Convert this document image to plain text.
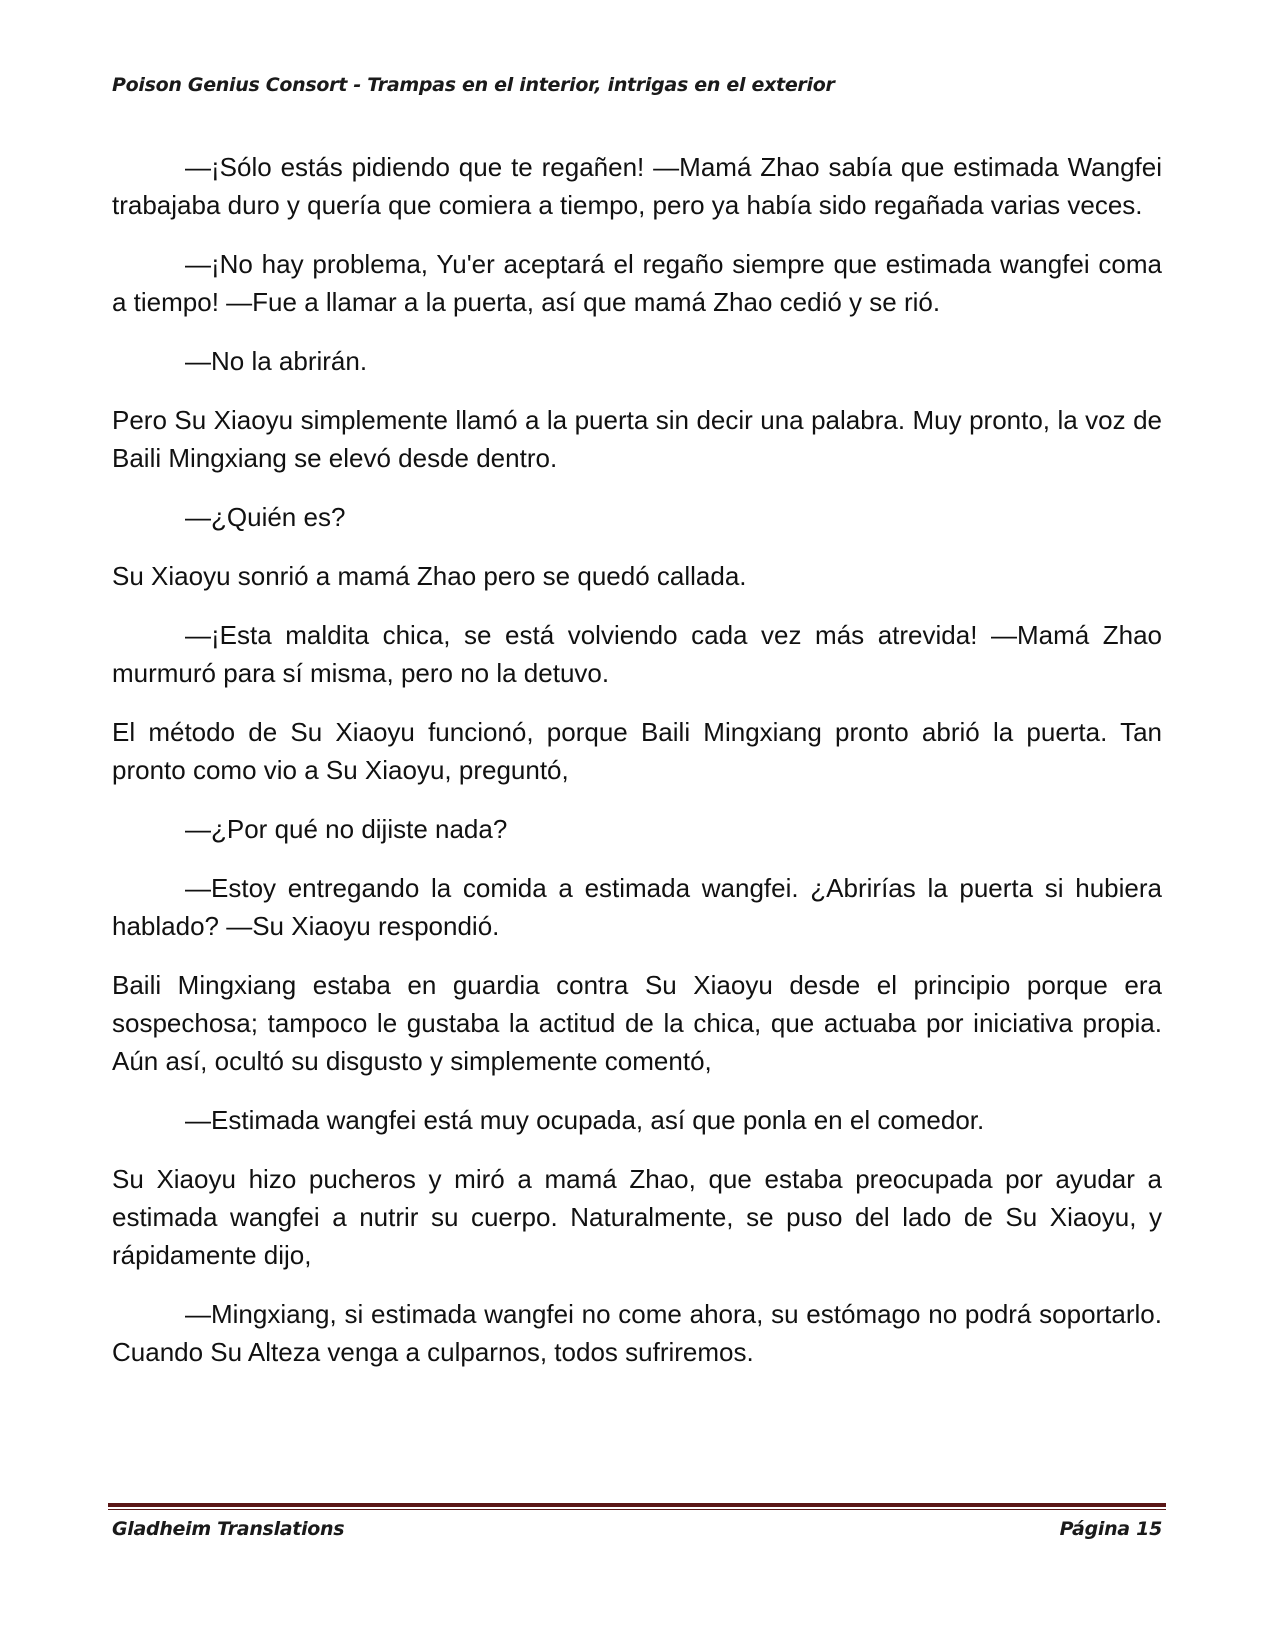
Poison Genius Consort - Trampas en el interior, intrigas en el exterior

—¡Sólo estás pidiendo que te regañen! —Mamá Zhao sabía que estimada Wangfei trabajaba duro y quería que comiera a tiempo, pero ya había sido regañada varias veces.

—¡No hay problema, Yu'er aceptará el regaño siempre que estimada wangfei coma a tiempo! —Fue a llamar a la puerta, así que mamá Zhao cedió y se rió.

—No la abrirán.

Pero Su Xiaoyu simplemente llamó a la puerta sin decir una palabra. Muy pronto, la voz de Baili Mingxiang se elevó desde dentro.

—¿Quién es?

Su Xiaoyu sonrió a mamá Zhao pero se quedó callada.

—¡Esta maldita chica, se está volviendo cada vez más atrevida! —Mamá Zhao murmuró para sí misma, pero no la detuvo.

El método de Su Xiaoyu funcionó, porque Baili Mingxiang pronto abrió la puerta. Tan pronto como vio a Su Xiaoyu, preguntó,

—¿Por qué no dijiste nada?

—Estoy entregando la comida a estimada wangfei. ¿Abrirías la puerta si hubiera hablado? —Su Xiaoyu respondió.

Baili Mingxiang estaba en guardia contra Su Xiaoyu desde el principio porque era sospechosa; tampoco le gustaba la actitud de la chica, que actuaba por iniciativa propia. Aún así, ocultó su disgusto y simplemente comentó,

—Estimada wangfei está muy ocupada, así que ponla en el comedor.

Su Xiaoyu hizo pucheros y miró a mamá Zhao, que estaba preocupada por ayudar a estimada wangfei a nutrir su cuerpo. Naturalmente, se puso del lado de Su Xiaoyu, y rápidamente dijo,

—Mingxiang, si estimada wangfei no come ahora, su estómago no podrá soportarlo. Cuando Su Alteza venga a culparnos, todos sufriremos.

Gladheim Translations	Página 15
